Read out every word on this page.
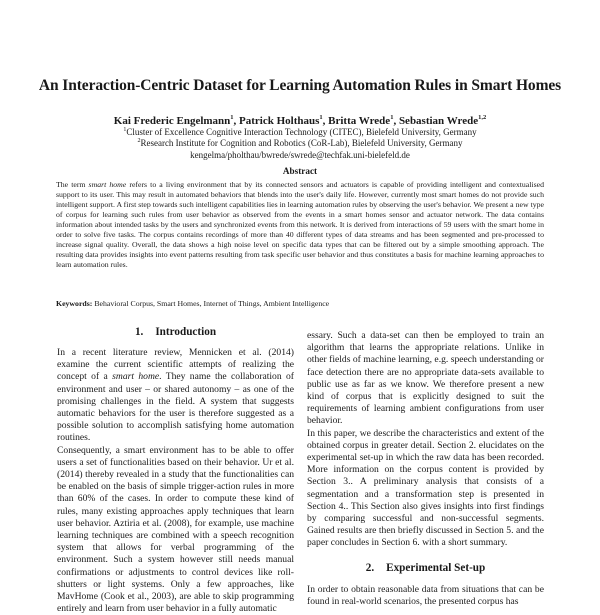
An Interaction-Centric Dataset for Learning Automation Rules in Smart Homes
Kai Frederic Engelmann$^1$, Patrick Holthaus$^1$, Britta Wrede$^1$, Sebastian Wrede$^{1,2}$
$^1$Cluster of Excellence Cognitive Interaction Technology (CITEC), Bielefeld University, Germany
$^2$Research Institute for Cognition and Robotics (CoR-Lab), Bielefeld University, Germany
kengelma/pholthau/bwrede/swrede@techfak.uni-bielefeld.de
Abstract
The term smart home refers to a living environment that by its connected sensors and actuators is capable of providing intelligent and contextualised support to its user. This may result in automated behaviors that blends into the user's daily life. However, currently most smart homes do not provide such intelligent support. A first step towards such intelligent capabilities lies in learning automation rules by observing the user's behavior. We present a new type of corpus for learning such rules from user behavior as observed from the events in a smart homes sensor and actuator network. The data contains information about intended tasks by the users and synchronized events from this network. It is derived from interactions of 59 users with the smart home in order to solve five tasks. The corpus contains recordings of more than 40 different types of data streams and has been segmented and pre-processed to increase signal quality. Overall, the data shows a high noise level on specific data types that can be filtered out by a simple smoothing approach. The resulting data provides insights into event patterns resulting from task specific user behavior and thus constitutes a basis for machine learning approaches to learn automation rules.
Keywords: Behavioral Corpus, Smart Homes, Internet of Things, Ambient Intelligence
1. Introduction

In a recent literature review, Mennicken et al. (2014) examine the current scientific attempts of realizing the concept of a smart home. They name the collaboration of environment and user – or shared autonomy – as one of the promising challenges in the field. A system that suggests automatic behaviors for the user is therefore suggested as a possible solution to accomplish satisfying home automation routines.

Consequently, a smart environment has to be able to offer users a set of functionalities based on their behavior. Ur et al. (2014) thereby revealed in a study that the functionalities can be enabled on the basis of simple trigger-action rules in more than 60% of the cases. In order to compute these kind of rules, many existing approaches apply techniques that learn user behavior. Aztiria et al. (2008), for example, use machine learning techniques are combined with a speech recognition system that allows for verbal programming of the environment. Such a system however still needs manual confirmations or adjustments to control devices like roll-shutters or light systems. Only a few approaches, like MavHome (Cook et al., 2003), are able to skip programming entirely and learn from user behavior in a fully automatic

essary. Such a data-set can then be employed to train an algorithm that learns the appropriate relations. Unlike in other fields of machine learning, e.g. speech understanding or face detection there are no appropriate data-sets available to public use as far as we know. We therefore present a new kind of corpus that is explicitly designed to suit the requirements of learning ambient configurations from user behavior.

In this paper, we describe the characteristics and extent of the obtained corpus in greater detail. Section 2. elucidates on the experimental set-up in which the raw data has been recorded. More information on the corpus content is provided by Section 3.. A preliminary analysis that consists of a segmentation and a transformation step is presented in Section 4.. This Section also gives insights into first findings by comparing successful and non-successful segments. Gained results are then briefly discussed in Section 5. and the paper concludes in Section 6. with a short summary.

2. Experimental Set-up

In order to obtain reasonable data from situations that can be found in real-world scenarios, the presented corpus has
